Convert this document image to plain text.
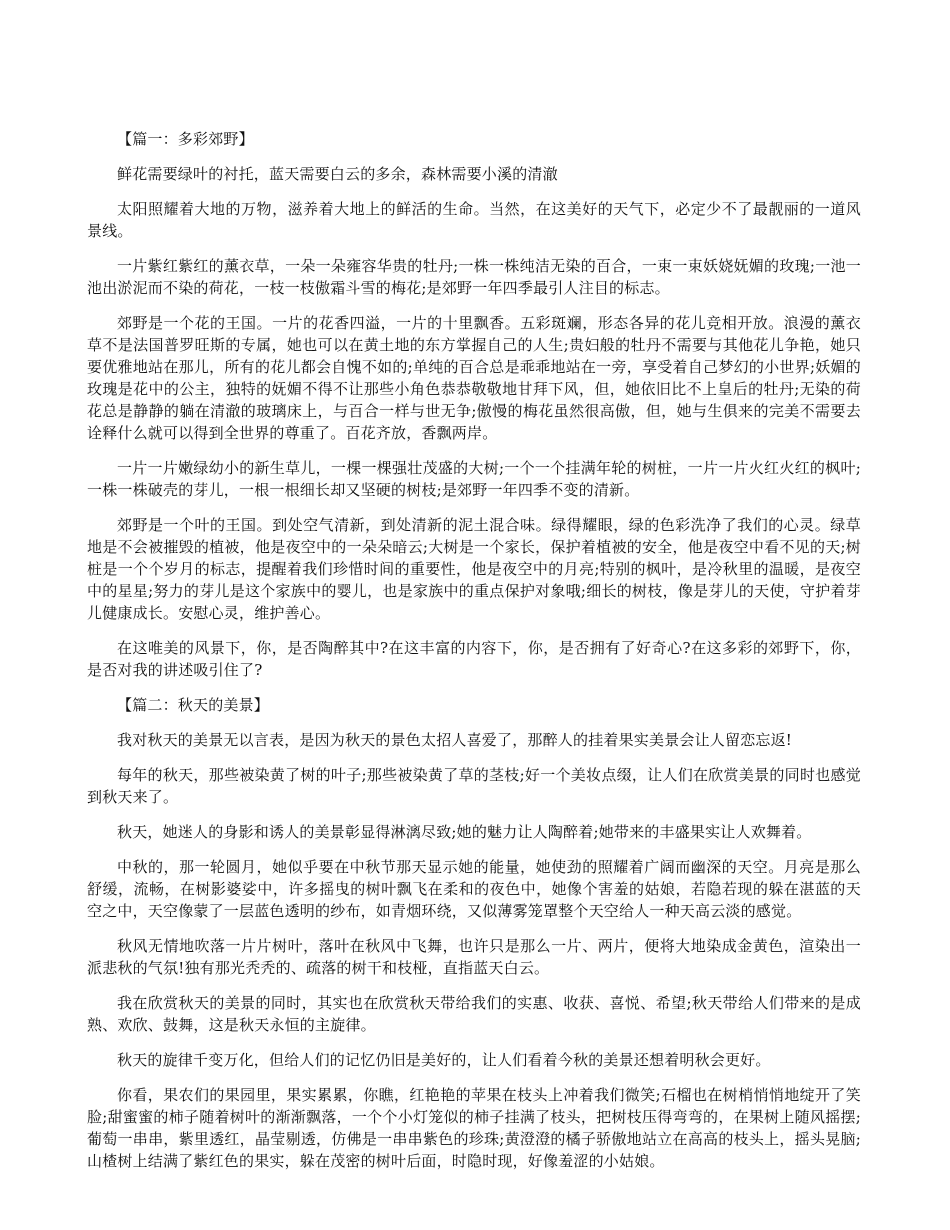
【篇一：多彩郊野】

鲜花需要绿叶的衬托，蓝天需要白云的多余，森林需要小溪的清澈

太阳照耀着大地的万物，滋养着大地上的鲜活的生命。当然，在这美好的天气下，必定少不了最靓丽的一道风景线。

一片紫红紫红的薰衣草，一朵一朵雍容华贵的牡丹;一株一株纯洁无染的百合，一束一束妖娆妩媚的玫瑰;一池一池出淤泥而不染的荷花，一枝一枝傲霜斗雪的梅花;是郊野一年四季最引人注目的标志。

郊野是一个花的王国。一片的花香四溢，一片的十里飘香。五彩斑斓，形态各异的花儿竞相开放。浪漫的薰衣草不是法国普罗旺斯的专属，她也可以在黄土地的东方掌握自己的人生;贵妇般的牡丹不需要与其他花儿争艳，她只要优雅地站在那儿，所有的花儿都会自愧不如的;单纯的百合总是乖乖地站在一旁，享受着自己梦幻的小世界;妖媚的玫瑰是花中的公主，独特的妩媚不得不让那些小角色恭恭敬敬地甘拜下风，但，她依旧比不上皇后的牡丹;无染的荷花总是静静的躺在清澈的玻璃床上，与百合一样与世无争;傲慢的梅花虽然很高傲，但，她与生俱来的完美不需要去诠释什么就可以得到全世界的尊重了。百花齐放，香飘两岸。

一片一片嫩绿幼小的新生草儿，一棵一棵强壮茂盛的大树;一个一个挂满年轮的树桩，一片一片火红火红的枫叶;一株一株破壳的芽儿，一根一根细长却又坚硬的树枝;是郊野一年四季不变的清新。

郊野是一个叶的王国。到处空气清新，到处清新的泥土混合味。绿得耀眼，绿的色彩洗净了我们的心灵。绿草地是不会被摧毁的植被，他是夜空中的一朵朵暗云;大树是一个家长，保护着植被的安全，他是夜空中看不见的天;树桩是一个个岁月的标志，提醒着我们珍惜时间的重要性，他是夜空中的月亮;特别的枫叶，是冷秋里的温暖，是夜空中的星星;努力的芽儿是这个家族中的婴儿，也是家族中的重点保护对象哦;细长的树枝，像是芽儿的天使，守护着芽儿健康成长。安慰心灵，维护善心。

在这唯美的风景下，你，是否陶醉其中?在这丰富的内容下，你，是否拥有了好奇心?在这多彩的郊野下，你，是否对我的讲述吸引住了?

【篇二：秋天的美景】

我对秋天的美景无以言表，是因为秋天的景色太招人喜爱了，那醉人的挂着果实美景会让人留恋忘返!

每年的秋天，那些被染黄了树的叶子;那些被染黄了草的茎枝;好一个美妆点缀，让人们在欣赏美景的同时也感觉到秋天来了。

秋天，她迷人的身影和诱人的美景彰显得淋漓尽致;她的魅力让人陶醉着;她带来的丰盛果实让人欢舞着。

中秋的，那一轮圆月，她似乎要在中秋节那天显示她的能量，她使劲的照耀着广阔而幽深的天空。月亮是那么舒缓，流畅，在树影婆娑中，许多摇曳的树叶飘飞在柔和的夜色中，她像个害羞的姑娘，若隐若现的躲在湛蓝的天空之中，天空像蒙了一层蓝色透明的纱布，如青烟环绕，又似薄雾笼罩整个天空给人一种天高云淡的感觉。

秋风无情地吹落一片片树叶，落叶在秋风中飞舞，也许只是那么一片、两片，便将大地染成金黄色，渲染出一派悲秋的气氛!独有那光秃秃的、疏落的树干和枝桠，直指蓝天白云。

我在欣赏秋天的美景的同时，其实也在欣赏秋天带给我们的实惠、收获、喜悦、希望;秋天带给人们带来的是成熟、欢欣、鼓舞，这是秋天永恒的主旋律。

秋天的旋律千变万化，但给人们的记忆仍旧是美好的，让人们看着今秋的美景还想着明秋会更好。

你看，果农们的果园里，果实累累，你瞧，红艳艳的苹果在枝头上冲着我们微笑;石榴也在树梢悄悄地绽开了笑脸;甜蜜蜜的柿子随着树叶的渐渐飘落，一个个小灯笼似的柿子挂满了枝头，把树枝压得弯弯的，在果树上随风摇摆;葡萄一串串，紫里透红，晶莹剔透，仿佛是一串串紫色的珍珠;黄澄澄的橘子骄傲地站立在高高的枝头上，摇头晃脑;山楂树上结满了紫红色的果实，躲在茂密的树叶后面，时隐时现，好像羞涩的小姑娘。
